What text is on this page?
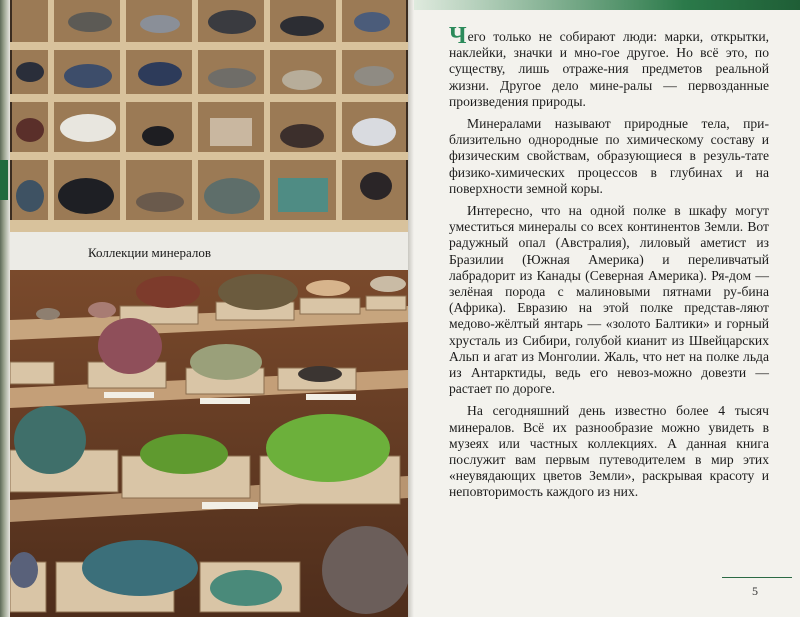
Коллекции минералов

Чего только не собирают люди: марки, открытки, наклейки, значки и мно-гое другое. Но всё это, по существу, лишь отраже-ния предметов реальной жизни. Другое дело мине-ралы — первозданные произведения природы.

Минералами называют природные тела, при-близительно однородные по химическому составу и физическим свойствам, образующиеся в резуль-тате физико-химических процессов в глубинах и на поверхности земной коры.

Интересно, что на одной полке в шкафу могут уместиться минералы со всех континентов Земли. Вот радужный опал (Австралия), лиловый аметист из Бразилии (Южная Америка) и переливчатый лабрадорит из Канады (Северная Америка). Ря-дом — зелёная порода с малиновыми пятнами ру-бина (Африка). Евразию на этой полке представ-ляют медово-жёлтый янтарь — «золото Балтики» и горный хрусталь из Сибири, голубой кианит из Швейцарских Альп и агат из Монголии. Жаль, что нет на полке льда из Антарктиды, ведь его невоз-можно довезти — растает по дороге.

На сегодняшний день известно более 4 тысяч минералов. Всё их разнообразие можно увидеть в музеях или частных коллекциях. А данная книга послужит вам первым путеводителем в мир этих «неувядающих цветов Земли», раскрывая красоту и неповторимость каждого из них.

5
